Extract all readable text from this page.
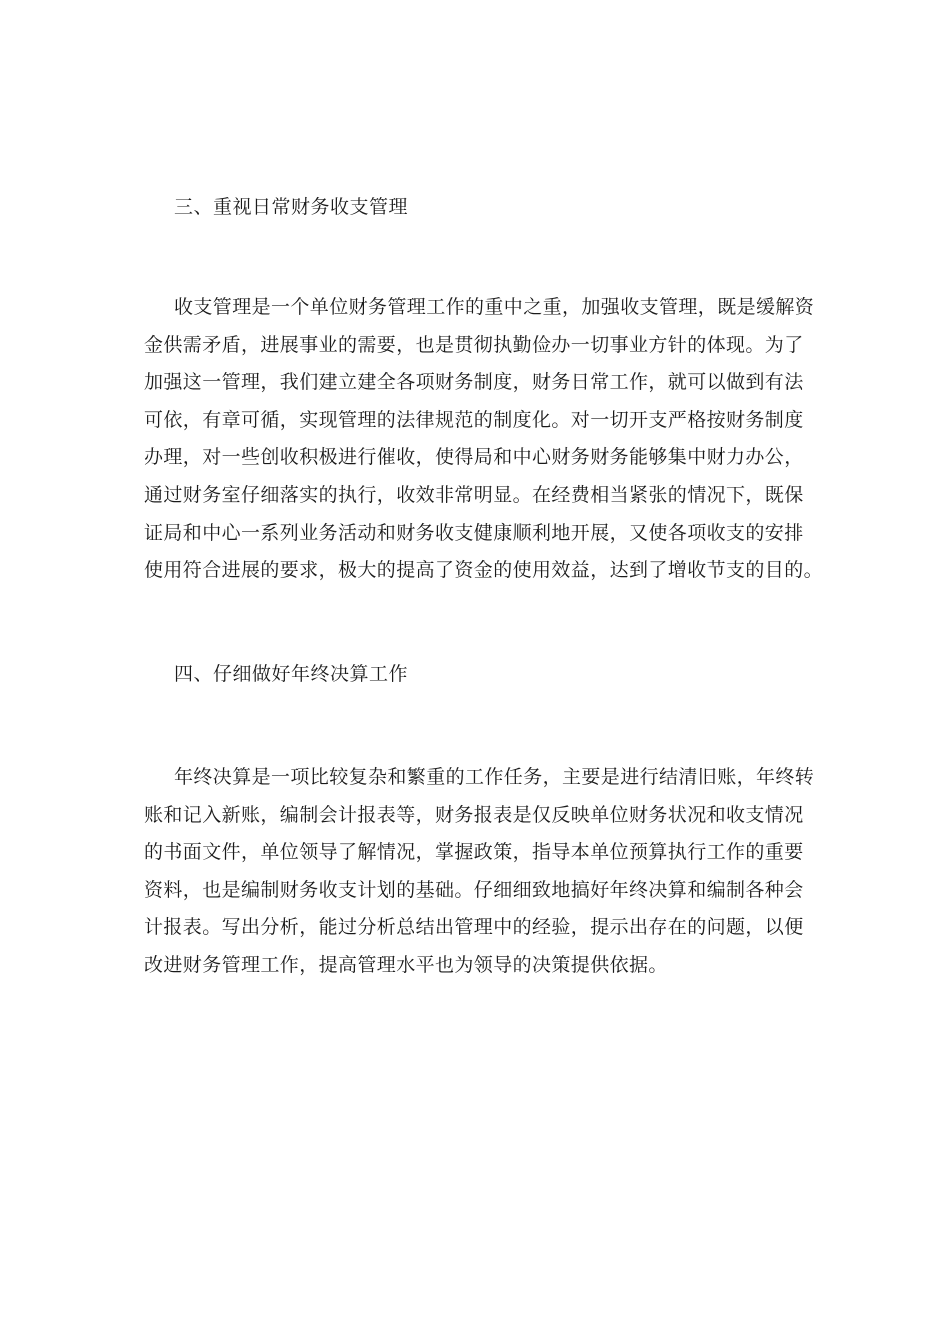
三、重视日常财务收支管理
收支管理是一个单位财务管理工作的重中之重，加强收支管理，既是缓解资
金供需矛盾，进展事业的需要，也是贯彻执勤俭办一切事业方针的体现。为了
加强这一管理，我们建立建全各项财务制度，财务日常工作，就可以做到有法
可依，有章可循，实现管理的法律规范的制度化。对一切开支严格按财务制度
办理，对一些创收积极进行催收，使得局和中心财务财务能够集中财力办公，
通过财务室仔细落实的执行，收效非常明显。在经费相当紧张的情况下，既保
证局和中心一系列业务活动和财务收支健康顺利地开展，又使各项收支的安排
使用符合进展的要求，极大的提高了资金的使用效益，达到了增收节支的目的。
四、仔细做好年终决算工作
年终决算是一项比较复杂和繁重的工作任务，主要是进行结清旧账，年终转
账和记入新账，编制会计报表等，财务报表是仅反映单位财务状况和收支情况
的书面文件，单位领导了解情况，掌握政策，指导本单位预算执行工作的重要
资料，也是编制财务收支计划的基础。仔细细致地搞好年终决算和编制各种会
计报表。写出分析，能过分析总结出管理中的经验，提示出存在的问题，以便
改进财务管理工作，提高管理水平也为领导的决策提供依据。
